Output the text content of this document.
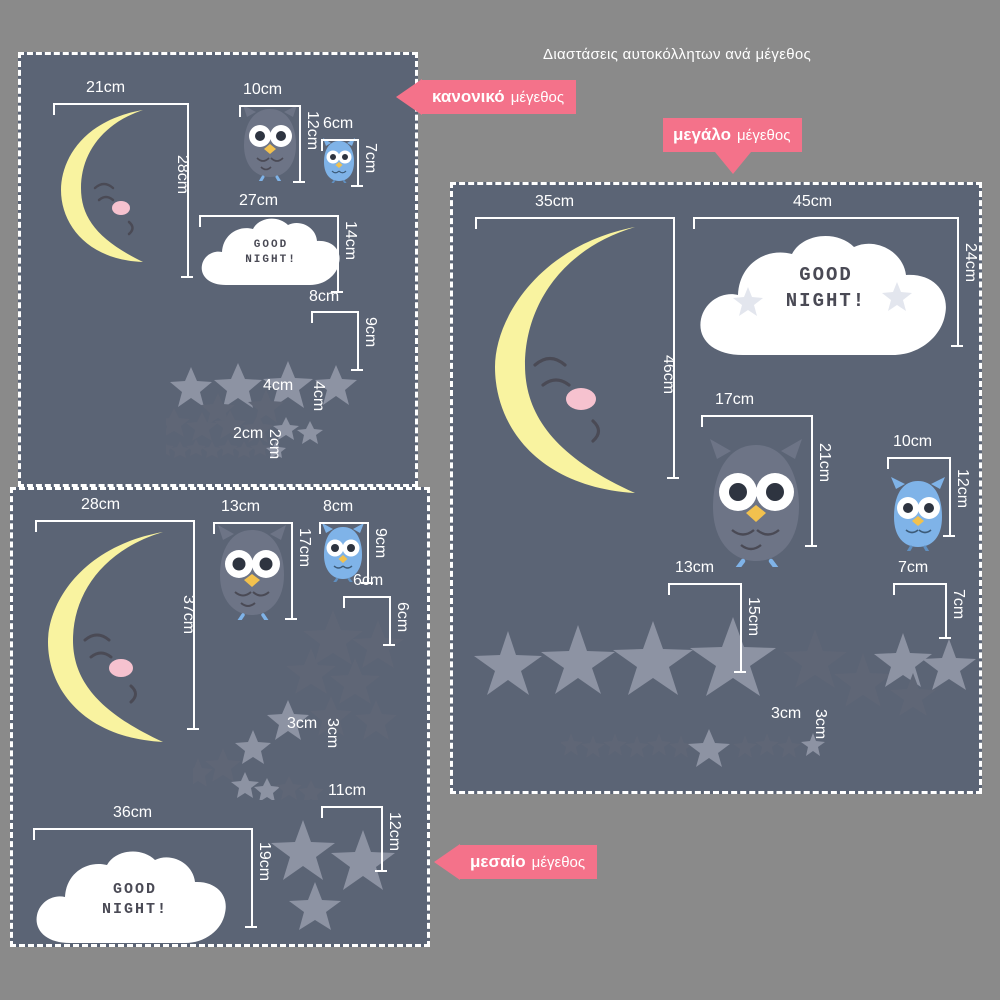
Διαστάσεις αυτοκόλλητων ανά μέγεθος
21cm
28cm
10cm
12cm 6cm
7cm
GOOD
NIGHT!
27cm
14cm
8cm
9cm
4cm 4cm
2cm 2cm
28cm
37cm
13cm
17cm
8cm
9cm
6cm
6cm
3cm 3cm
GOOD
NIGHT!
36cm
19cm
11cm
12cm
35cm
46cm
GOOD
NIGHT!
45cm
24cm
17cm
21cm
10cm
12cm
13cm
15cm
7cm
7cm
3cm 3cm
κανονικό μέγεθος
μεγάλο μέγεθος
μεσαίο μέγεθος
